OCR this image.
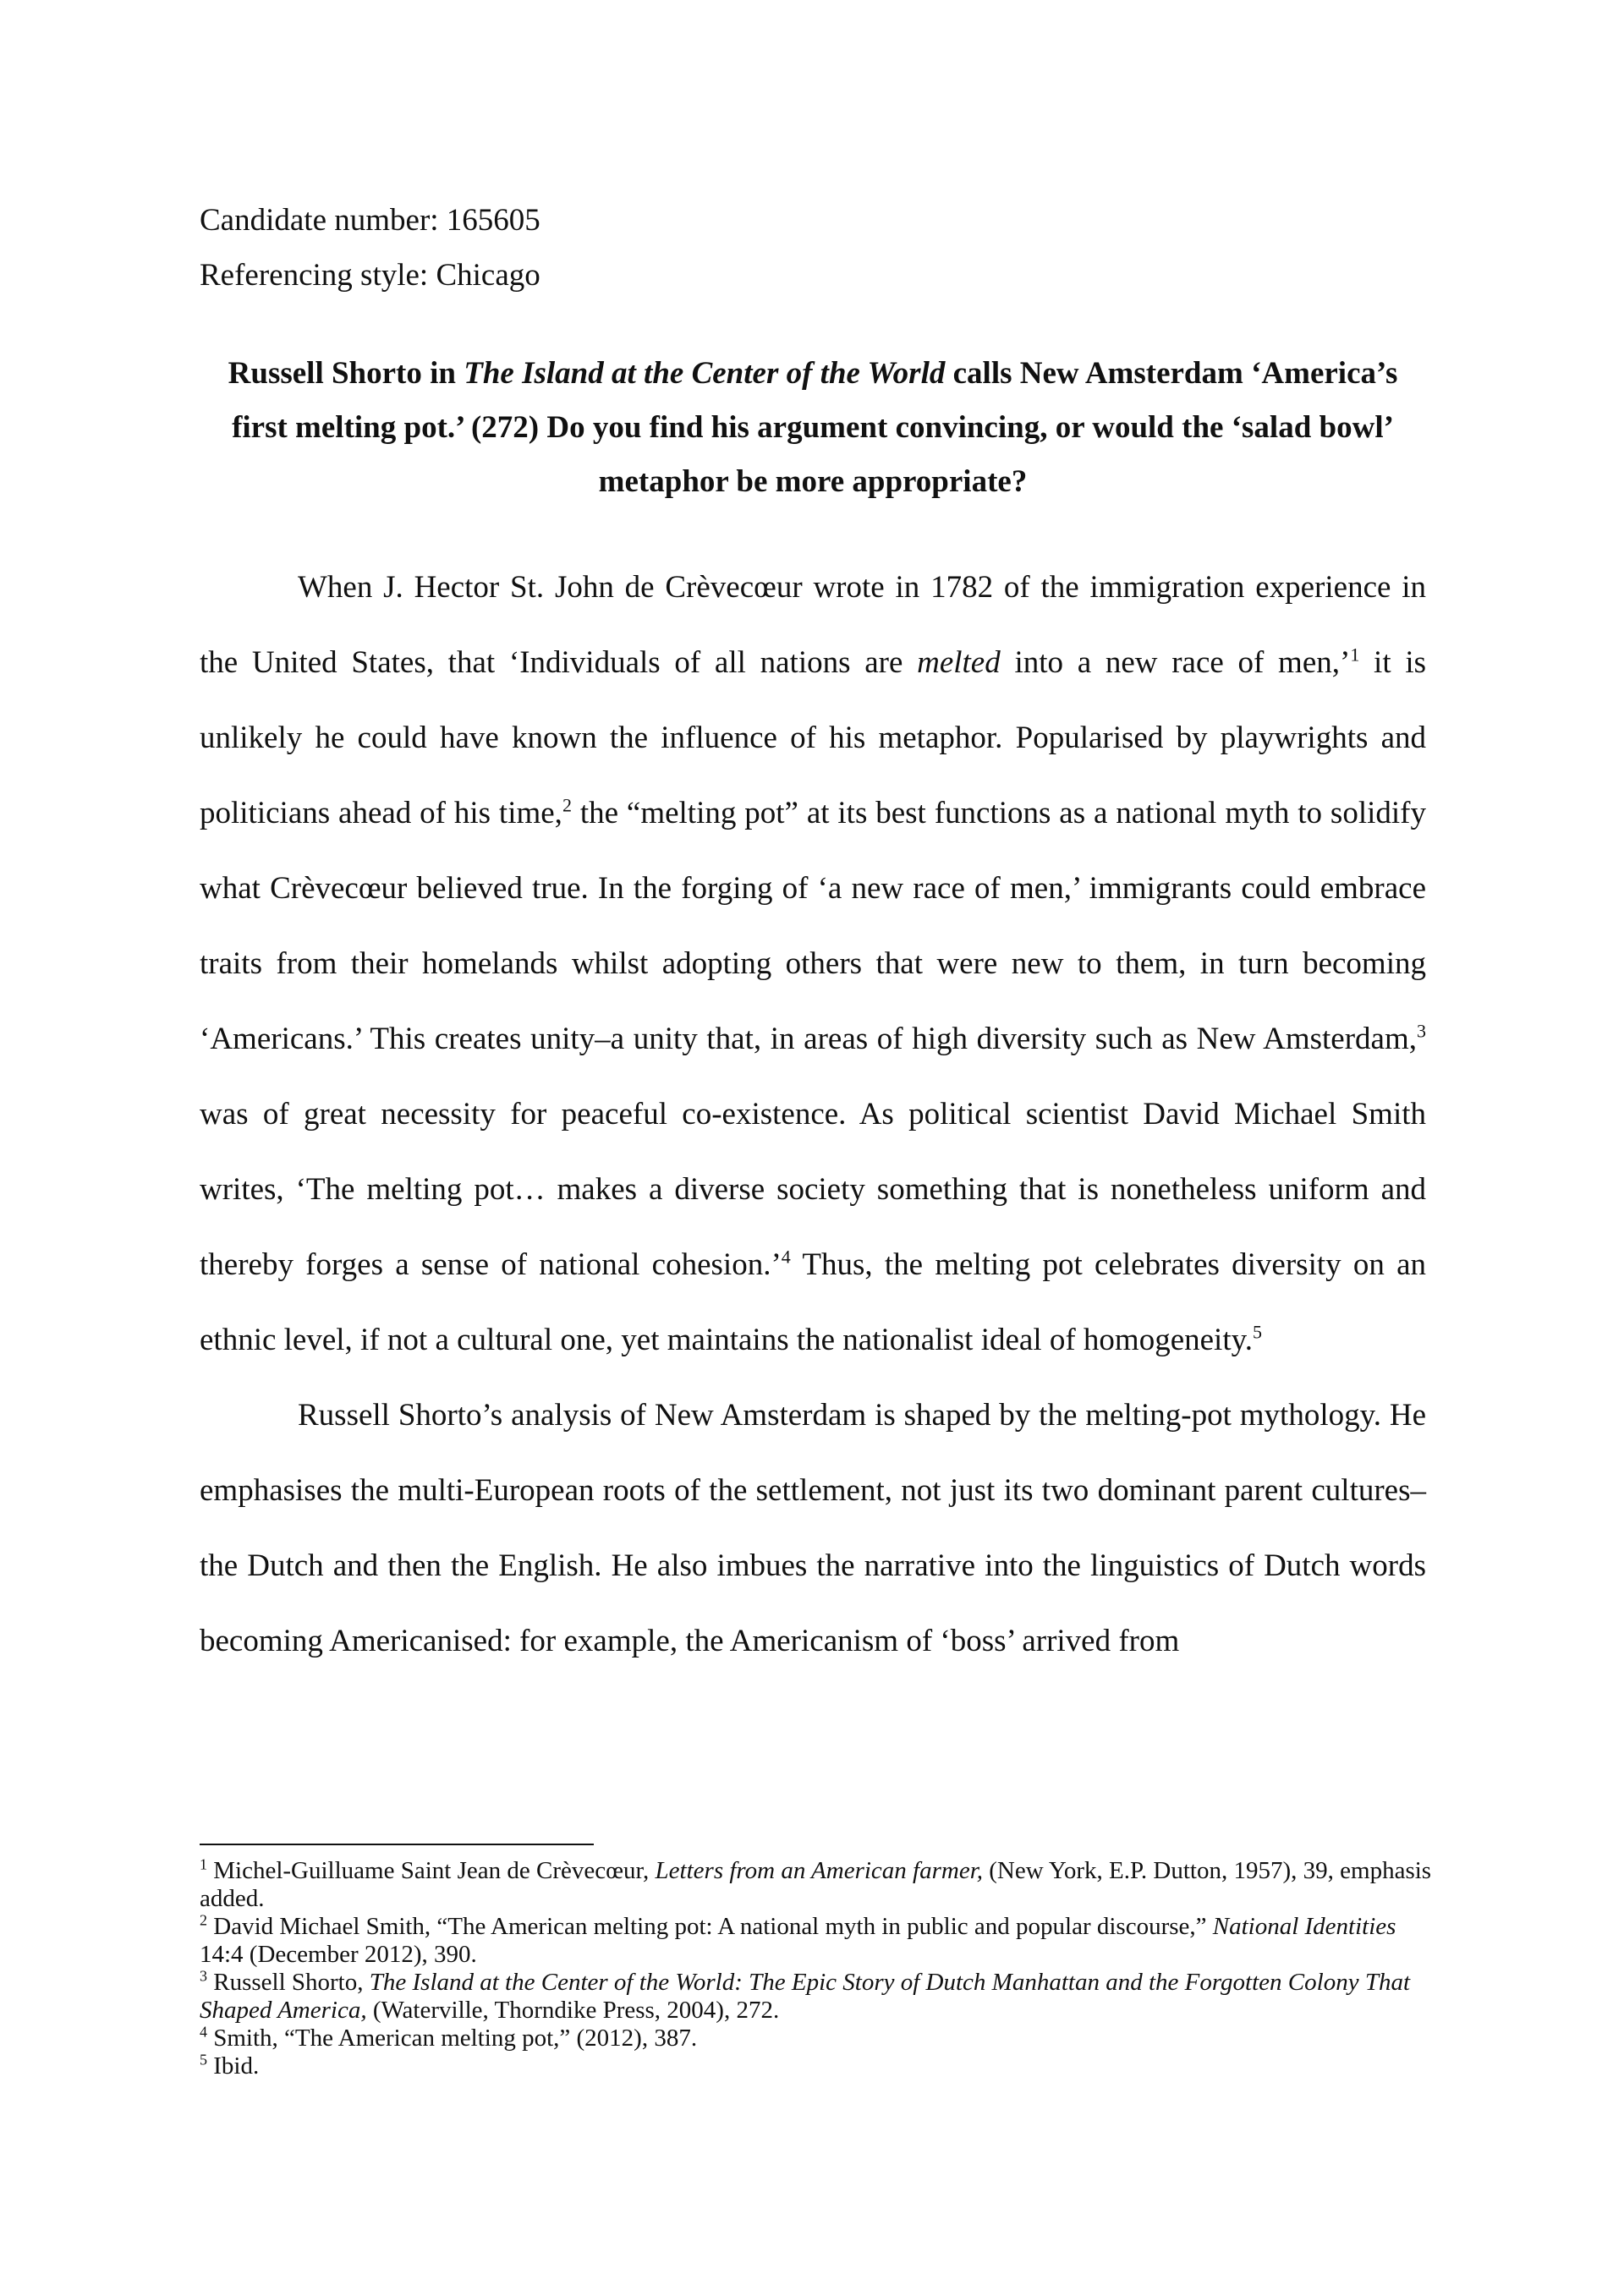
Candidate number: 165605
Referencing style: Chicago
Russell Shorto in The Island at the Center of the World calls New Amsterdam ‘America’s first melting pot.’ (272) Do you find his argument convincing, or would the ‘salad bowl’ metaphor be more appropriate?

When J. Hector St. John de Crèvecœur wrote in 1782 of the immigration experience in the United States, that ‘Individuals of all nations are melted into a new race of men,’$^1$ it is unlikely he could have known the influence of his metaphor. Popularised by playwrights and politicians ahead of his time,$^2$ the “melting pot” at its best functions as a national myth to solidify what Crèvecœur believed true. In the forging of ‘a new race of men,’ immigrants could embrace traits from their homelands whilst adopting others that were new to them, in turn becoming ‘Americans.’ This creates unity–a unity that, in areas of high diversity such as New Amsterdam,$^3$ was of great necessity for peaceful co-existence. As political scientist David Michael Smith writes, ‘The melting pot… makes a diverse society something that is nonetheless uniform and thereby forges a sense of national cohesion.’$^4$ Thus, the melting pot celebrates diversity on an ethnic level, if not a cultural one, yet maintains the nationalist ideal of homogeneity.$^5$

Russell Shorto’s analysis of New Amsterdam is shaped by the melting-pot mythology. He emphasises the multi-European roots of the settlement, not just its two dominant parent cultures–the Dutch and then the English. He also imbues the narrative into the linguistics of Dutch words becoming Americanised: for example, the Americanism of ‘boss’ arrived from

$^1$ Michel-Guilluame Saint Jean de Crèvecœur, Letters from an American farmer, (New York, E.P. Dutton, 1957), 39, emphasis added.

$^2$ David Michael Smith, “The American melting pot: A national myth in public and popular discourse,” National Identities 14:4 (December 2012), 390.

$^3$ Russell Shorto, The Island at the Center of the World: The Epic Story of Dutch Manhattan and the Forgotten Colony That Shaped America, (Waterville, Thorndike Press, 2004), 272.

$^4$ Smith, “The American melting pot,” (2012), 387.

$^5$ Ibid.
